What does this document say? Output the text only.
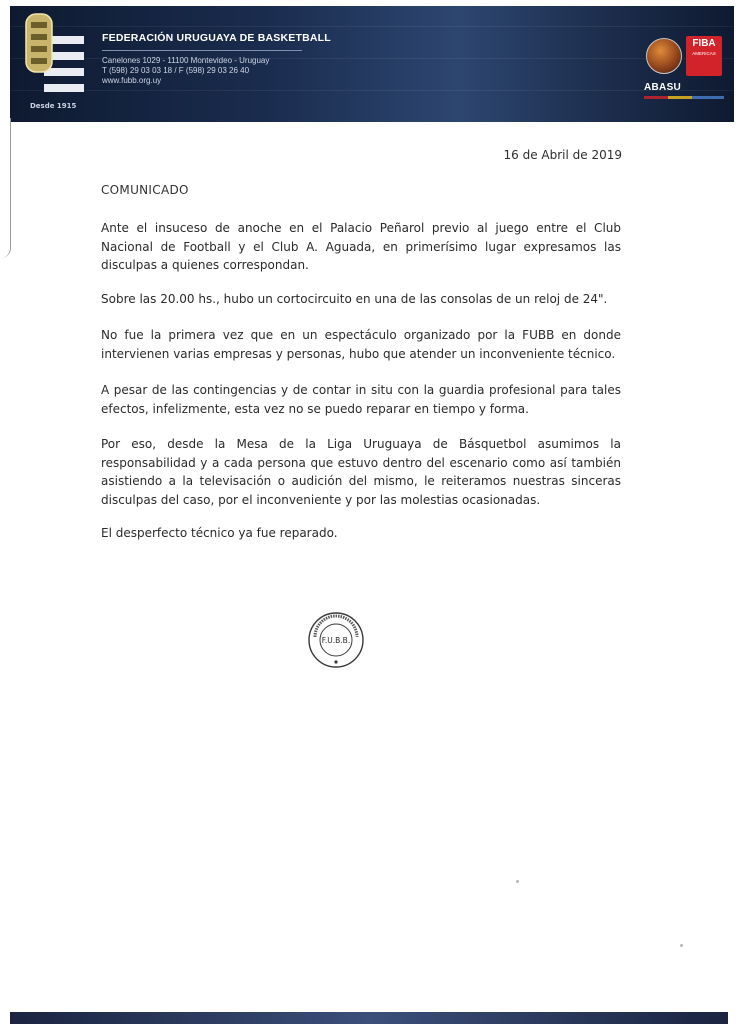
Desde 1915
FEDERACIÓN URUGUAYA DE BASKETBALL
Canelones 1029 - 11100 Montevideo - Uruguay
T (598) 29 03 03 18 / F (598) 29 03 26 40
www.fubb.org.uy
FIBA
AMERICAS
ABASU
16 de Abril de 2019
COMUNICADO

Ante el insuceso de anoche en el Palacio Peñarol previo al juego entre el Club Nacional de Football y el Club A. Aguada, en primerísimo lugar expresamos las disculpas a quienes correspondan.

Sobre las 20.00 hs., hubo un cortocircuito en una de las consolas de un reloj de 24".

No fue la primera vez que en un espectáculo organizado por la FUBB en donde intervienen varias empresas y personas, hubo que atender un inconveniente técnico.

A pesar de las contingencias y de contar in situ con la guardia profesional para tales efectos, infelizmente, esta vez no se puedo reparar en tiempo y forma.

Por eso, desde la Mesa de la Liga Uruguaya de Básquetbol asumimos la responsabilidad y a cada persona que estuvo dentro del escenario como así también asistiendo a la televisación o audición del mismo, le reiteramos nuestras sinceras disculpas del caso, por el inconveniente y por las molestias ocasionadas.

El desperfecto técnico ya fue reparado.

F.U.B.B.
